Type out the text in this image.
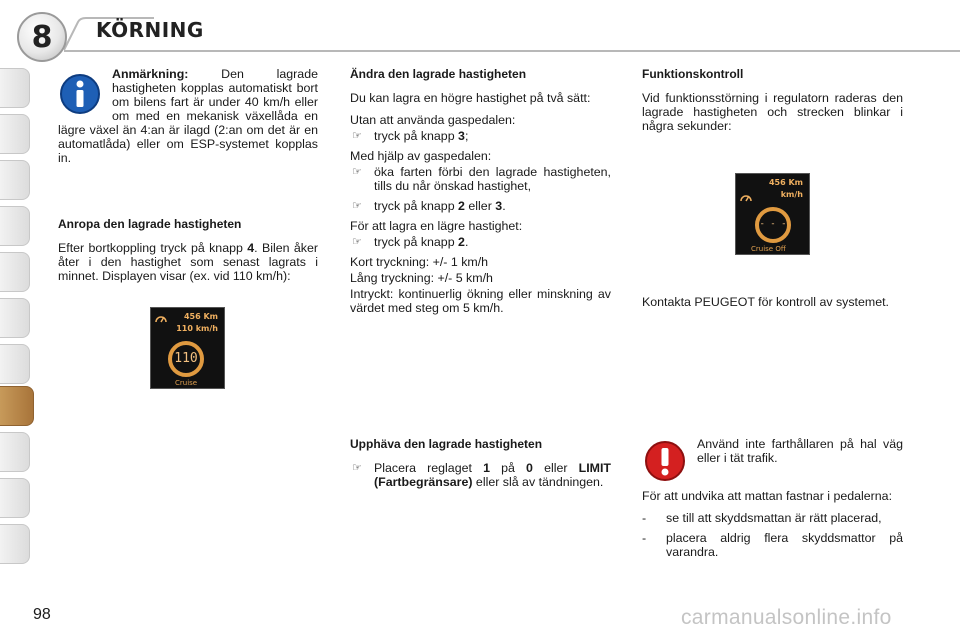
8	KÖRNING

Anmärkning:	Den lagrade hastigheten kopplas automatiskt bort om bilens fart är under 40 km/h eller om med en mekanisk växellåda en lägre växel än 4:an är ilagd (2:an om det är en automatlåda) eller om ESP-systemet kopplas in.

Anropa den lagrade hastigheten

Efter bortkoppling tryck på knapp 4. Bilen åker åter i den hastighet som senast lagrats i minnet. Displayen visar (ex. vid 110 km/h):

456 Km
110 km/h
110
Cruise
Ändra den lagrade hastigheten

Du kan lagra en högre hastighet på två sätt:

Utan att använda gaspedalen:

☞ tryck på knapp 3;

Med hjälp av gaspedalen:

☞ öka farten förbi den lagrade hastigheten, tills du når önskad hastighet,
☞ tryck på knapp 2 eller 3.

För att lagra en lägre hastighet:

☞ tryck på knapp 2.

Kort tryckning: +/- 1 km/h

Lång tryckning: +/- 5 km/h

Intryckt: kontinuerlig ökning eller minskning av värdet med steg om 5 km/h.

Upphäva den lagrade hastigheten
☞ Placera reglaget 1 på 0 eller LIMIT (Fartbegränsare) eller slå av tändningen.
Funktionskontroll

Vid funktionsstörning i regulatorn raderas den lagrade hastigheten och strecken blinkar i några sekunder:

456 Km
km/h
- - -
Cruise Off

Kontakta PEUGEOT för kontroll av systemet.

Använd inte farthållaren på hal väg eller i tät trafik.

För att undvika att mattan fastnar i pedalerna:

-	se till att skyddsmattan är rätt placerad,
-	placera aldrig flera skyddsmattor på varandra.
98	carmanualsonline.info
